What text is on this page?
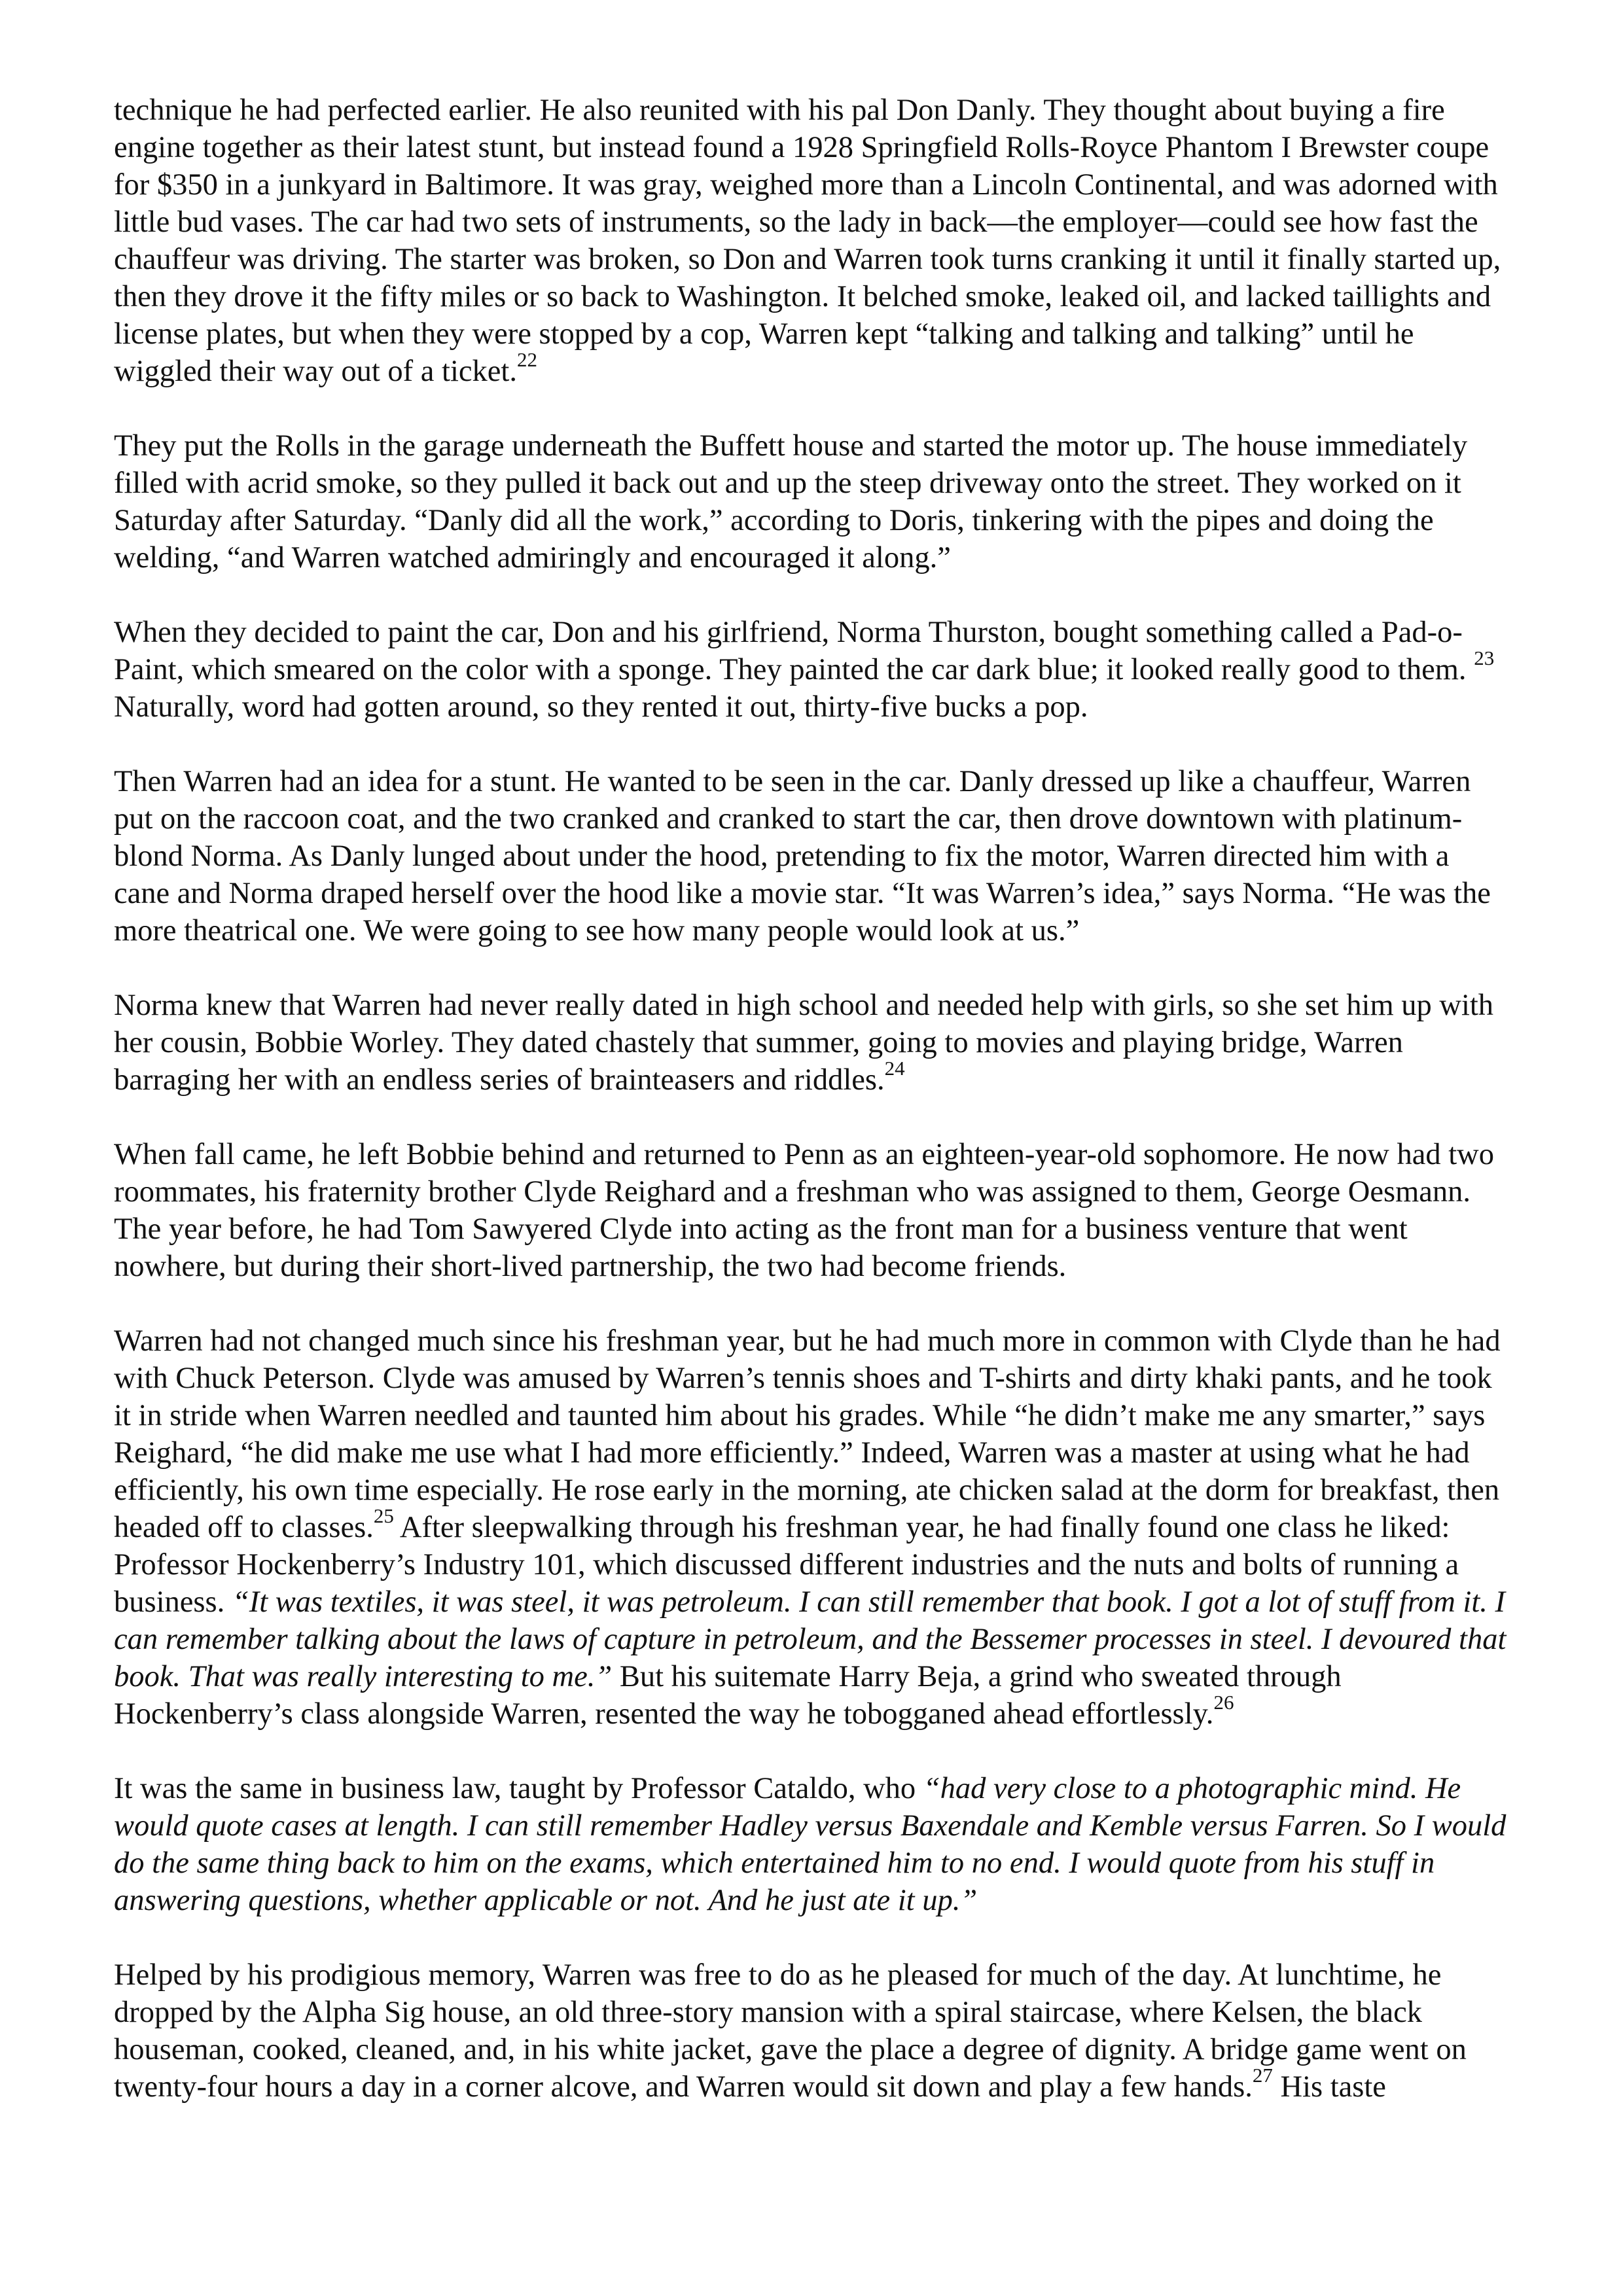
technique he had perfected earlier. He also reunited with his pal Don Danly. They thought about buying a fire engine together as their latest stunt, but instead found a 1928 Springfield Rolls-Royce Phantom I Brewster coupe for $350 in a junkyard in Baltimore. It was gray, weighed more than a Lincoln Continental, and was adorned with little bud vases. The car had two sets of instruments, so the lady in back—the employer—could see how fast the chauffeur was driving. The starter was broken, so Don and Warren took turns cranking it until it finally started up, then they drove it the fifty miles or so back to Washington. It belched smoke, leaked oil, and lacked taillights and license plates, but when they were stopped by a cop, Warren kept “talking and talking and talking” until he wiggled their way out of a ticket.$^{22}$

They put the Rolls in the garage underneath the Buffett house and started the motor up. The house immediately filled with acrid smoke, so they pulled it back out and up the steep driveway onto the street. They worked on it Saturday after Saturday. “Danly did all the work,” according to Doris, tinkering with the pipes and doing the welding, “and Warren watched admiringly and encouraged it along.”

When they decided to paint the car, Don and his girlfriend, Norma Thurston, bought something called a Pad-o-Paint, which smeared on the color with a sponge. They painted the car dark blue; it looked really good to them. $^{23}$ Naturally, word had gotten around, so they rented it out, thirty-five bucks a pop.

Then Warren had an idea for a stunt. He wanted to be seen in the car. Danly dressed up like a chauffeur, Warren put on the raccoon coat, and the two cranked and cranked to start the car, then drove downtown with platinum-blond Norma. As Danly lunged about under the hood, pretending to fix the motor, Warren directed him with a cane and Norma draped herself over the hood like a movie star. “It was Warren’s idea,” says Norma. “He was the more theatrical one. We were going to see how many people would look at us.”

Norma knew that Warren had never really dated in high school and needed help with girls, so she set him up with her cousin, Bobbie Worley. They dated chastely that summer, going to movies and playing bridge, Warren barraging her with an endless series of brainteasers and riddles.$^{24}$

When fall came, he left Bobbie behind and returned to Penn as an eighteen-year-old sophomore. He now had two roommates, his fraternity brother Clyde Reighard and a freshman who was assigned to them, George Oesmann. The year before, he had Tom Sawyered Clyde into acting as the front man for a business venture that went nowhere, but during their short-lived partnership, the two had become friends.

Warren had not changed much since his freshman year, but he had much more in common with Clyde than he had with Chuck Peterson. Clyde was amused by Warren’s tennis shoes and T-shirts and dirty khaki pants, and he took it in stride when Warren needled and taunted him about his grades. While “he didn’t make me any smarter,” says Reighard, “he did make me use what I had more efficiently.” Indeed, Warren was a master at using what he had efficiently, his own time especially. He rose early in the morning, ate chicken salad at the dorm for breakfast, then headed off to classes.$^{25}$ After sleepwalking through his freshman year, he had finally found one class he liked: Professor Hockenberry’s Industry 101, which discussed different industries and the nuts and bolts of running a business. “It was textiles, it was steel, it was petroleum. I can still remember that book. I got a lot of stuff from it. I can remember talking about the laws of capture in petroleum, and the Bessemer processes in steel. I devoured that book. That was really interesting to me.” But his suitemate Harry Beja, a grind who sweated through Hockenberry’s class alongside Warren, resented the way he tobogganed ahead effortlessly.$^{26}$

It was the same in business law, taught by Professor Cataldo, who “had very close to a photographic mind. He would quote cases at length. I can still remember Hadley versus Baxendale and Kemble versus Farren. So I would do the same thing back to him on the exams, which entertained him to no end. I would quote from his stuff in answering questions, whether applicable or not. And he just ate it up.”

Helped by his prodigious memory, Warren was free to do as he pleased for much of the day. At lunchtime, he dropped by the Alpha Sig house, an old three-story mansion with a spiral staircase, where Kelsen, the black houseman, cooked, cleaned, and, in his white jacket, gave the place a degree of dignity. A bridge game went on twenty-four hours a day in a corner alcove, and Warren would sit down and play a few hands.$^{27}$ His taste
